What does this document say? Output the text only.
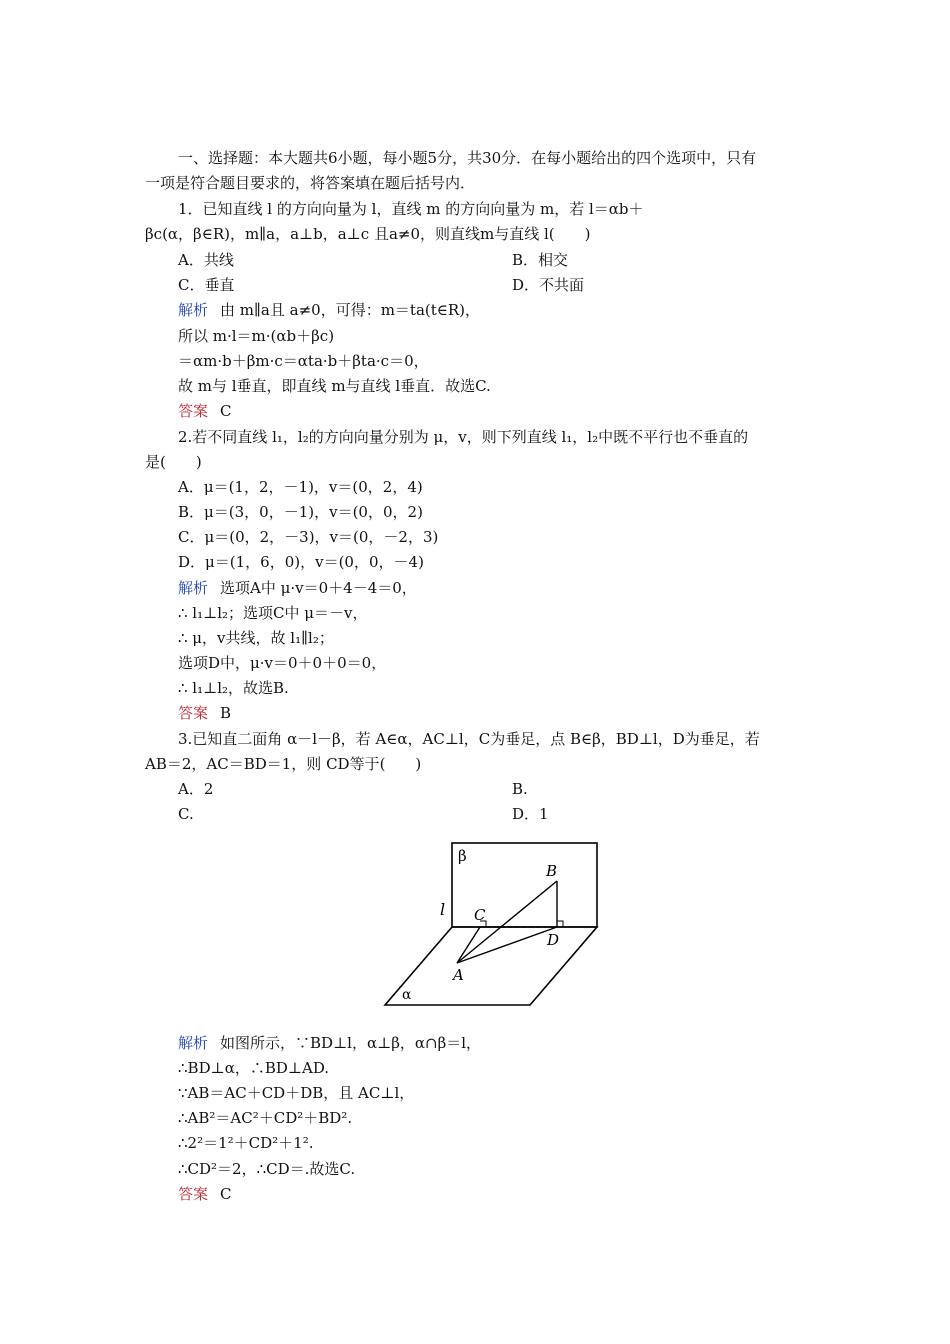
一、选择题：本大题共6小题，每小题5分，共30分．在每小题给出的四个选项中，只有
一项是符合题目要求的，将答案填在题后括号内．
1．已知直线 l 的方向向量为 l，直线 m 的方向向量为 m，若 l＝αb＋
βc(α，β∈R)，m∥a，a⊥b，a⊥c 且a≠0，则直线m与直线 l(　　)
A．共线	B．相交
C．垂直	D．不共面
解析 由 m∥a且 a≠0，可得：m＝ta(t∈R)，
所以 m·l＝m·(αb＋βc)
＝αm·b＋βm·c＝αta·b＋βta·c＝0，
故 m与 l垂直，即直线 m与直线 l垂直．故选C.
答案 C
2.若不同直线 l₁，l₂的方向向量分别为 μ，v，则下列直线 l₁，l₂中既不平行也不垂直的
是(　　)
A．μ＝(1，2，－1)，v＝(0，2，4)
B．μ＝(3，0，－1)，v＝(0，0，2)
C．μ＝(0，2，－3)，v＝(0，－2，3)
D．μ＝(1，6，0)，v＝(0，0，－4)
解析 选项A中 μ·v＝0＋4－4＝0，
∴ l₁⊥l₂；选项C中 μ＝－v，
∴ μ，v共线，故 l₁∥l₂；
选项D中，μ·v＝0＋0＋0＝0，
∴ l₁⊥l₂，故选B.
答案 B
3.已知直二面角 α－l－β，若 A∈α，AC⊥l，C为垂足，点 B∈β，BD⊥l，D为垂足，若
AB＝2，AC＝BD＝1，则 CD等于(　　)
A．2	B.
C.	D．1
β
α
l
A
B
C
D
解析 如图所示，∵BD⊥l，α⊥β，α∩β＝l，
∴BD⊥α，∴BD⊥AD.
∵AB＝AC＋CD＋DB，且 AC⊥l，
∴AB²＝AC²＋CD²＋BD².
∴2²＝1²＋CD²＋1².
∴CD²＝2，∴CD＝.故选C.
答案 C
